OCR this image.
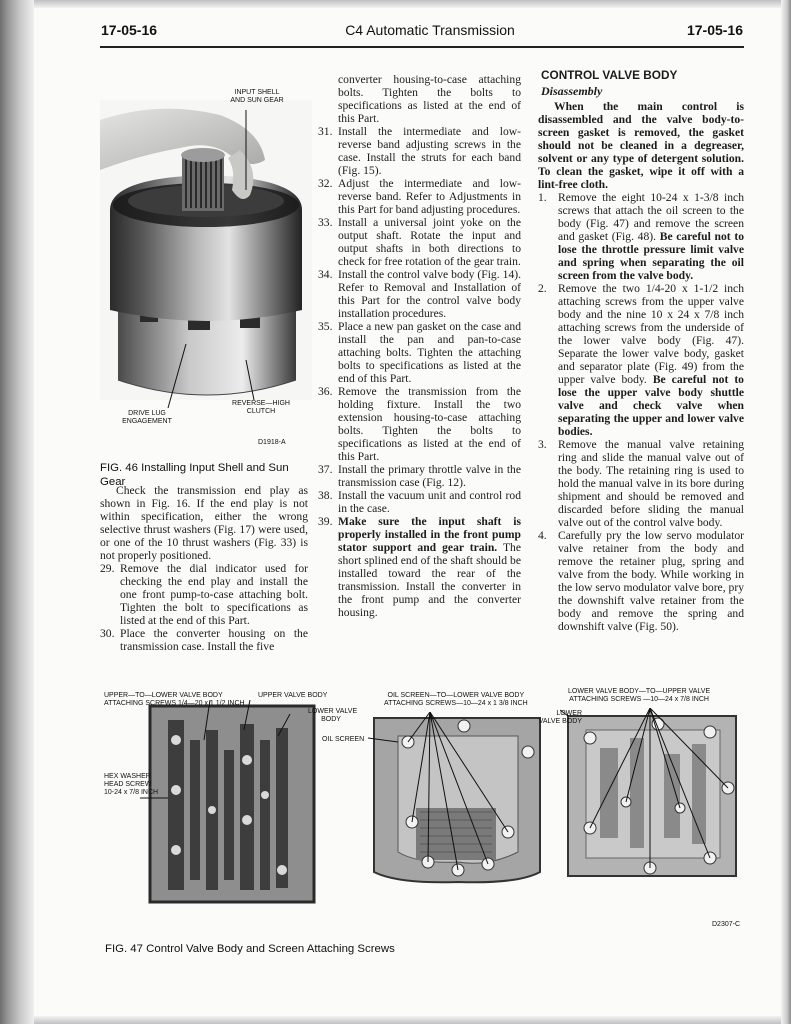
17-05-16	C4 Automatic Transmission	17-05-16
INPUT SHELL
AND SUN GEAR
DRIVE LUG
ENGAGEMENT
REVERSE—HIGH
CLUTCH
D1918-A
FIG. 46 Installing Input Shell and Sun Gear

Check the transmission end play as shown in Fig. 16. If the end play is not within specification, either the wrong selective thrust washers (Fig. 17) were used, or one of the 10 thrust washers (Fig. 33) is not properly positioned.

29. Remove the dial indicator used for checking the end play and install the one front pump-to-case attaching bolt. Tighten the bolt to specifications as listed at the end of this Part.
30. Place the converter housing on the transmission case. Install the five

converter housing-to-case attaching bolts. Tighten the bolts to specifications as listed at the end of this Part.

31. Install the intermediate and low-reverse band adjusting screws in the case. Install the struts for each band (Fig. 15).
32. Adjust the intermediate and low-reverse band. Refer to Adjustments in this Part for band adjusting procedures.
33. Install a universal joint yoke on the output shaft. Rotate the input and output shafts in both directions to check for free rotation of the gear train.
34. Install the control valve body (Fig. 14). Refer to Removal and Installation of this Part for the control valve body installation procedures.
35. Place a new pan gasket on the case and install the pan and pan-to-case attaching bolts. Tighten the attaching bolts to specifications as listed at the end of this Part.
36. Remove the transmission from the holding fixture. Install the two extension housing-to-case attaching bolts. Tighten the bolts to specifications as listed at the end of this Part.
37. Install the primary throttle valve in the transmission case (Fig. 12).
38. Install the vacuum unit and control rod in the case.
39. Make sure the input shaft is properly installed in the front pump stator support and gear train. The short splined end of the shaft should be installed toward the rear of the transmission. Install the converter in the front pump and the converter housing.
CONTROL VALVE BODY
Disassembly

When the main control is disassembled and the valve body-to-screen gasket is removed, the gasket should not be cleaned in a degreaser, solvent or any type of detergent solution. To clean the gasket, wipe it off with a lint-free cloth.

1. Remove the eight 10-24 x 1-3/8 inch screws that attach the oil screen to the body (Fig. 47) and remove the screen and gasket (Fig. 48). Be careful not to lose the throttle pressure limit valve and spring when separating the oil screen from the valve body.
2. Remove the two 1/4-20 x 1-1/2 inch attaching screws from the upper valve body and the nine 10 x 24 x 7/8 inch attaching screws from the underside of the lower valve body (Fig. 47). Separate the lower valve body, gasket and separator plate (Fig. 49) from the upper valve body. Be careful not to lose the upper valve body shuttle valve and check valve when separating the upper and lower valve bodies.
3. Remove the manual valve retaining ring and slide the manual valve out of the body. The retaining ring is used to hold the manual valve in its bore during shipment and should be removed and discarded before sliding the manual valve out of the control valve body.
4. Carefully pry the low servo modulator valve retainer from the body and remove the retainer plug, spring and valve from the body. While working in the low servo modulator valve bore, pry the downshift valve retainer from the body and remove the spring and downshift valve (Fig. 50).
UPPER—TO—LOWER VALVE BODY
ATTACHING SCREWS 1/4—20 x 1 1/2 INCH
UPPER VALVE BODY
LOWER VALVE
BODY
OIL SCREEN
HEX WASHER
HEAD SCREW
10-24 x 7/8 INCH
OIL SCREEN—TO—LOWER VALVE BODY
ATTACHING SCREWS—10—24 x 1 3/8 INCH
LOWER VALVE BODY—TO—UPPER VALVE
ATTACHING SCREWS —10—24 x 7/8 INCH
LOWER
VALVE BODY
D2307-C
FIG. 47 Control Valve Body and Screen Attaching Screws
